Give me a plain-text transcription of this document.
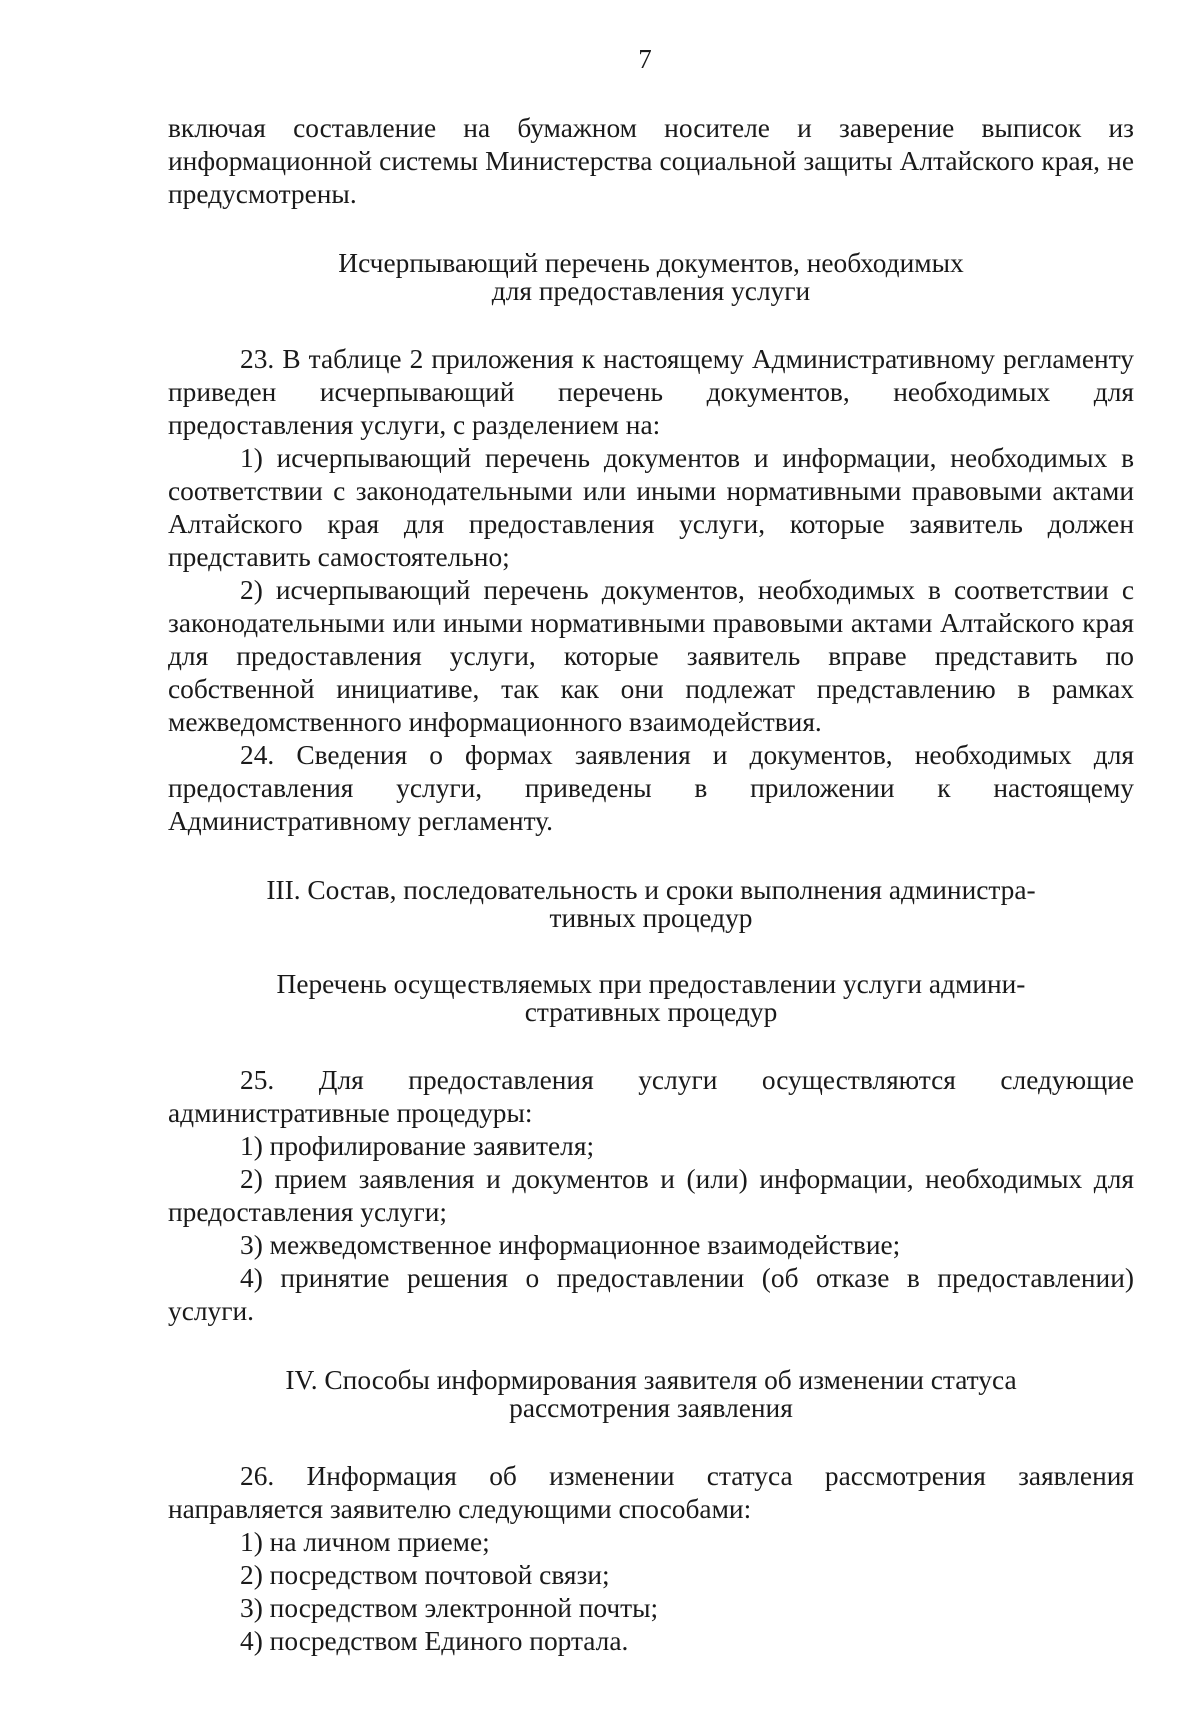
7

включая составление на бумажном носителе и заверение выписок из информационной системы Министерства социальной защиты Алтайского края, не предусмотрены.

Исчерпывающий перечень документов, необходимых
для предоставления услуги

23. В таблице 2 приложения к настоящему Административному регламенту приведен исчерпывающий перечень документов, необходимых для предоставления услуги, с разделением на:

1) исчерпывающий перечень документов и информации, необходимых в соответствии с законодательными или иными нормативными правовыми актами Алтайского края для предоставления услуги, которые заявитель должен представить самостоятельно;

2) исчерпывающий перечень документов, необходимых в соответствии с законодательными или иными нормативными правовыми актами Алтайского края для предоставления услуги, которые заявитель вправе представить по собственной инициативе, так как они подлежат представлению в рамках межведомственного информационного взаимодействия.

24. Сведения о формах заявления и документов, необходимых для предоставления услуги, приведены в приложении к настоящему Административному регламенту.

III. Состав, последовательность и сроки выполнения администра-
тивных процедур
Перечень осуществляемых при предоставлении услуги админи-
стративных процедур

25. Для предоставления услуги осуществляются следующие административные процедуры:

1) профилирование заявителя;

2) прием заявления и документов и (или) информации, необходимых для предоставления услуги;

3) межведомственное информационное взаимодействие;

4) принятие решения о предоставлении (об отказе в предоставлении) услуги.

IV. Способы информирования заявителя об изменении статуса
рассмотрения заявления

26. Информация об изменении статуса рассмотрения заявления направляется заявителю следующими способами:

1) на личном приеме;

2) посредством почтовой связи;

3) посредством электронной почты;

4) посредством Единого портала.
